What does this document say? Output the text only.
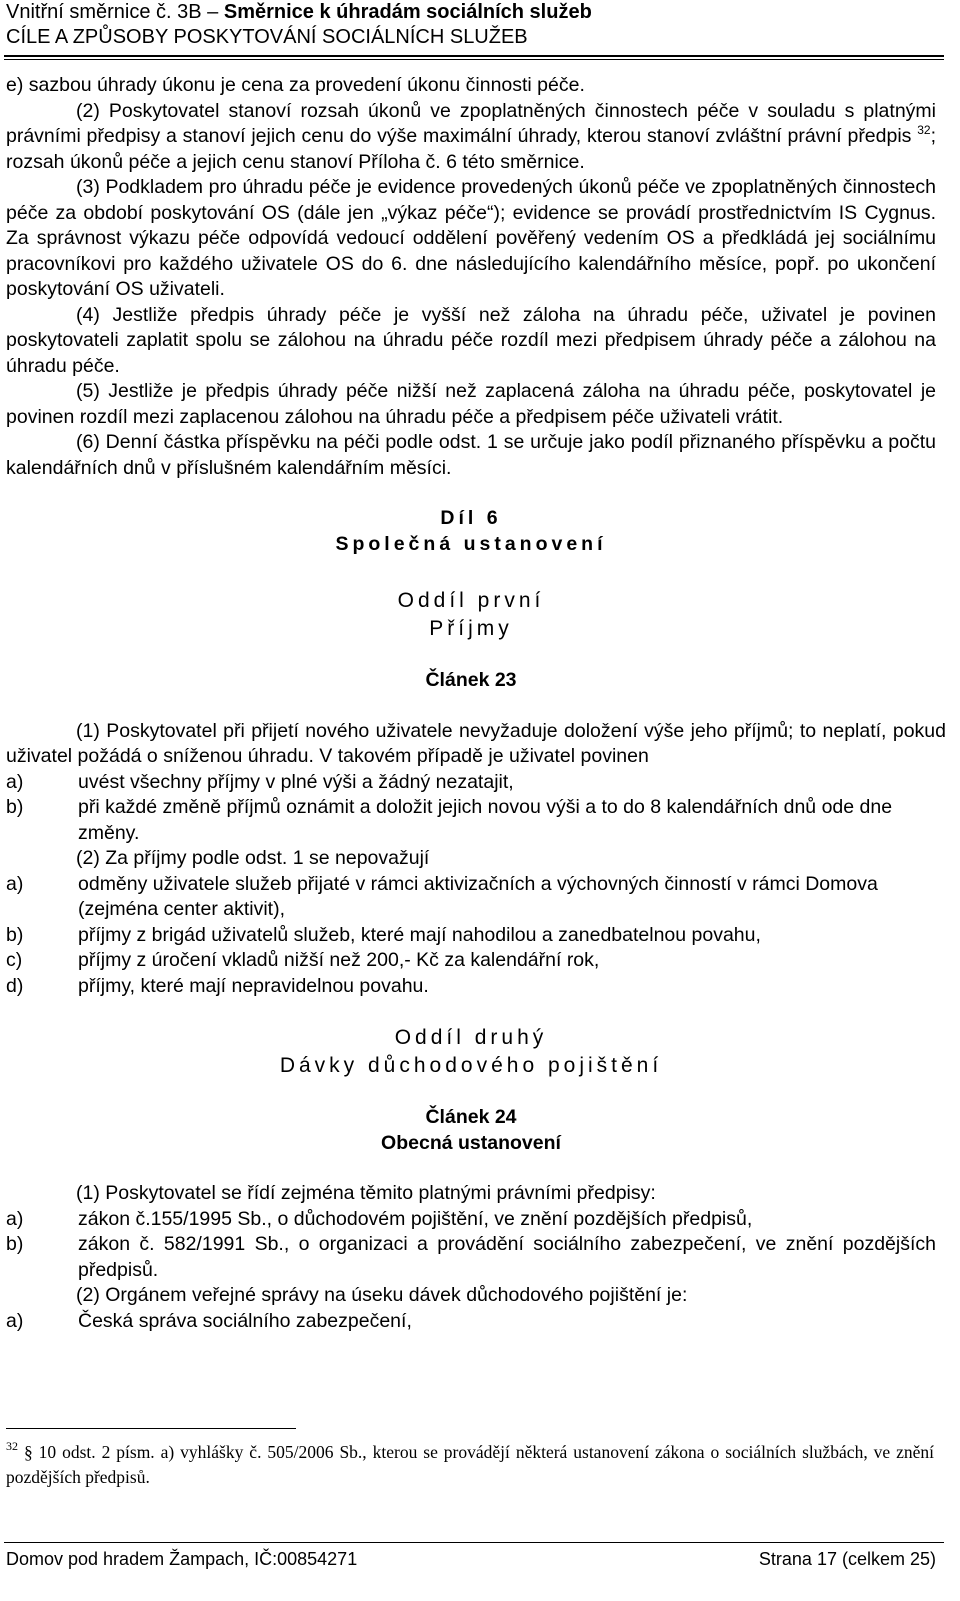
Vnitřní směrnice č. 3B – Směrnice k úhradám sociálních služeb
CÍLE A ZPŮSOBY POSKYTOVÁNÍ SOCIÁLNÍCH SLUŽEB

e) sazbou úhrady úkonu je cena za provedení úkonu činnosti péče.

(2) Poskytovatel stanoví rozsah úkonů ve zpoplatněných činnostech péče v souladu s platnými právními předpisy a stanoví jejich cenu do výše maximální úhrady, kterou stanoví zvláštní právní předpis $^{32}$; rozsah úkonů péče a jejich cenu stanoví Příloha č. 6 této směrnice.

(3) Podkladem pro úhradu péče je evidence provedených úkonů péče ve zpoplatněných činnostech péče za období poskytování OS (dále jen „výkaz péče“); evidence se provádí prostřednictvím IS Cygnus. Za správnost výkazu péče odpovídá vedoucí oddělení pověřený vedením OS a předkládá jej sociálnímu pracovníkovi pro každého uživatele OS do 6. dne následujícího kalendářního měsíce, popř. po ukončení poskytování OS uživateli.

(4) Jestliže předpis úhrady péče je vyšší než záloha na úhradu péče, uživatel je povinen poskytovateli zaplatit spolu se zálohou na úhradu péče rozdíl mezi předpisem úhrady péče a zálohou na úhradu péče.

(5) Jestliže je předpis úhrady péče nižší než zaplacená záloha na úhradu péče, poskytovatel je povinen rozdíl mezi zaplacenou zálohou na úhradu péče a předpisem péče uživateli vrátit.

(6) Denní částka příspěvku na péči podle odst. 1 se určuje jako podíl přiznaného příspěvku a počtu kalendářních dnů v příslušném kalendářním měsíci.

Díl 6

Společná ustanovení

Oddíl první

Příjmy

Článek 23

(1) Poskytovatel při přijetí nového uživatele nevyžaduje doložení výše jeho příjmů; to neplatí, pokud uživatel požádá o sníženou úhradu. V takovém případě je uživatel povinen

a)	uvést všechny příjmy v plné výši a žádný nezatajit,

b)	při každé změně příjmů oznámit a doložit jejich novou výši a to do 8 kalendářních dnů ode dne změny.

(2) Za příjmy podle odst. 1 se nepovažují

a)	odměny uživatele služeb přijaté v rámci aktivizačních a výchovných činností v rámci Domova (zejména center aktivit),

b)	příjmy z brigád uživatelů služeb, které mají nahodilou a zanedbatelnou povahu,

c)	příjmy z úročení vkladů nižší než 200,- Kč za kalendářní rok,

d)	příjmy, které mají nepravidelnou povahu.

Oddíl druhý

Dávky důchodového pojištění

Článek 24

Obecná ustanovení

(1) Poskytovatel se řídí zejména těmito platnými právními předpisy:

a)	zákon č.155/1995 Sb., o důchodovém pojištění, ve znění pozdějších předpisů,

b)	zákon č. 582/1991 Sb., o organizaci a provádění sociálního zabezpečení, ve znění pozdějších předpisů.

(2) Orgánem veřejné správy na úseku dávek důchodového pojištění je:

a)	Česká správa sociálního zabezpečení,

$^{32}$ § 10 odst. 2 písm. a) vyhlášky č. 505/2006 Sb., kterou se provádějí některá ustanovení zákona o sociálních službách, ve znění pozdějších předpisů.
Domov pod hradem Žampach, IČ:00854271	Strana 17 (celkem 25)
